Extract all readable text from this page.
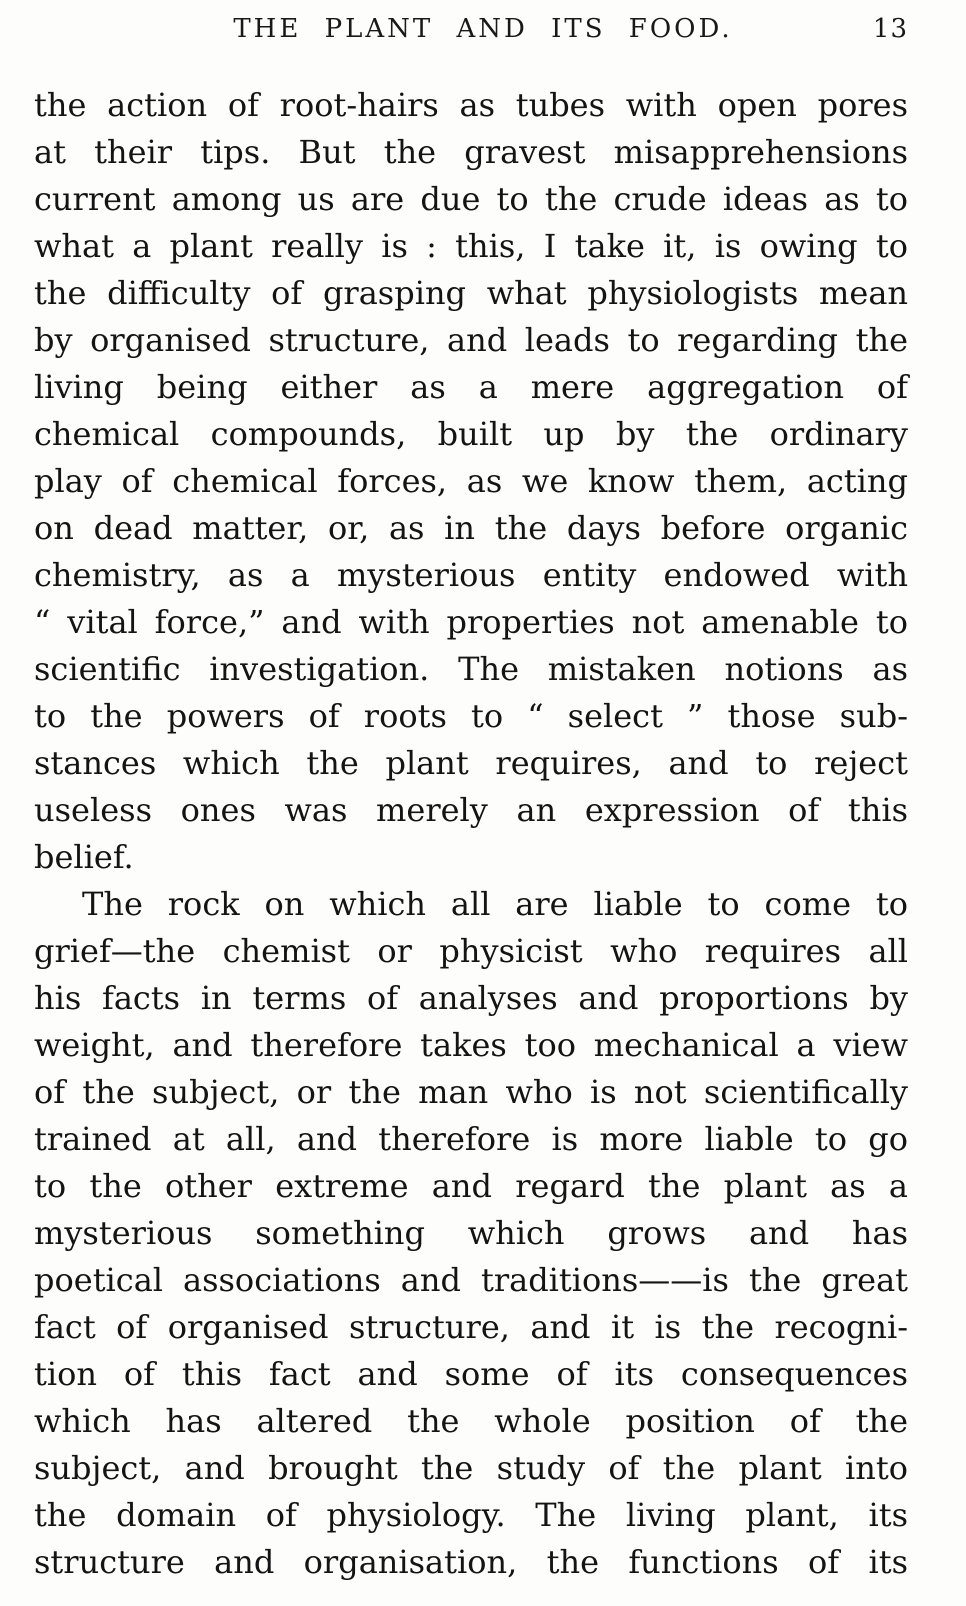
THE PLANT AND ITS FOOD.	13
the action of root-hairs as tubes with open pores
at their tips. But the gravest misapprehensions
current among us are due to the crude ideas as to
what a plant really is : this, I take it, is owing to
the difficulty of grasping what physiologists mean
by organised structure, and leads to regarding the
living being either as a mere aggregation of
chemical compounds, built up by the ordinary
play of chemical forces, as we know them, acting
on dead matter, or, as in the days before organic
chemistry, as a mysterious entity endowed with
“ vital force,” and with properties not amenable to
scientific investigation. The mistaken notions as
to the powers of roots to “ select ” those sub-
stances which the plant requires, and to reject
useless ones was merely an expression of this
belief.
The rock on which all are liable to come to
grief—the chemist or physicist who requires all
his facts in terms of analyses and proportions by
weight, and therefore takes too mechanical a view
of the subject, or the man who is not scientifically
trained at all, and therefore is more liable to go
to the other extreme and regard the plant as a
mysterious something which grows and has
poetical associations and traditions——is the great
fact of organised structure, and it is the recogni-
tion of this fact and some of its consequences
which has altered the whole position of the
subject, and brought the study of the plant into
the domain of physiology. The living plant, its
structure and organisation, the functions of its
